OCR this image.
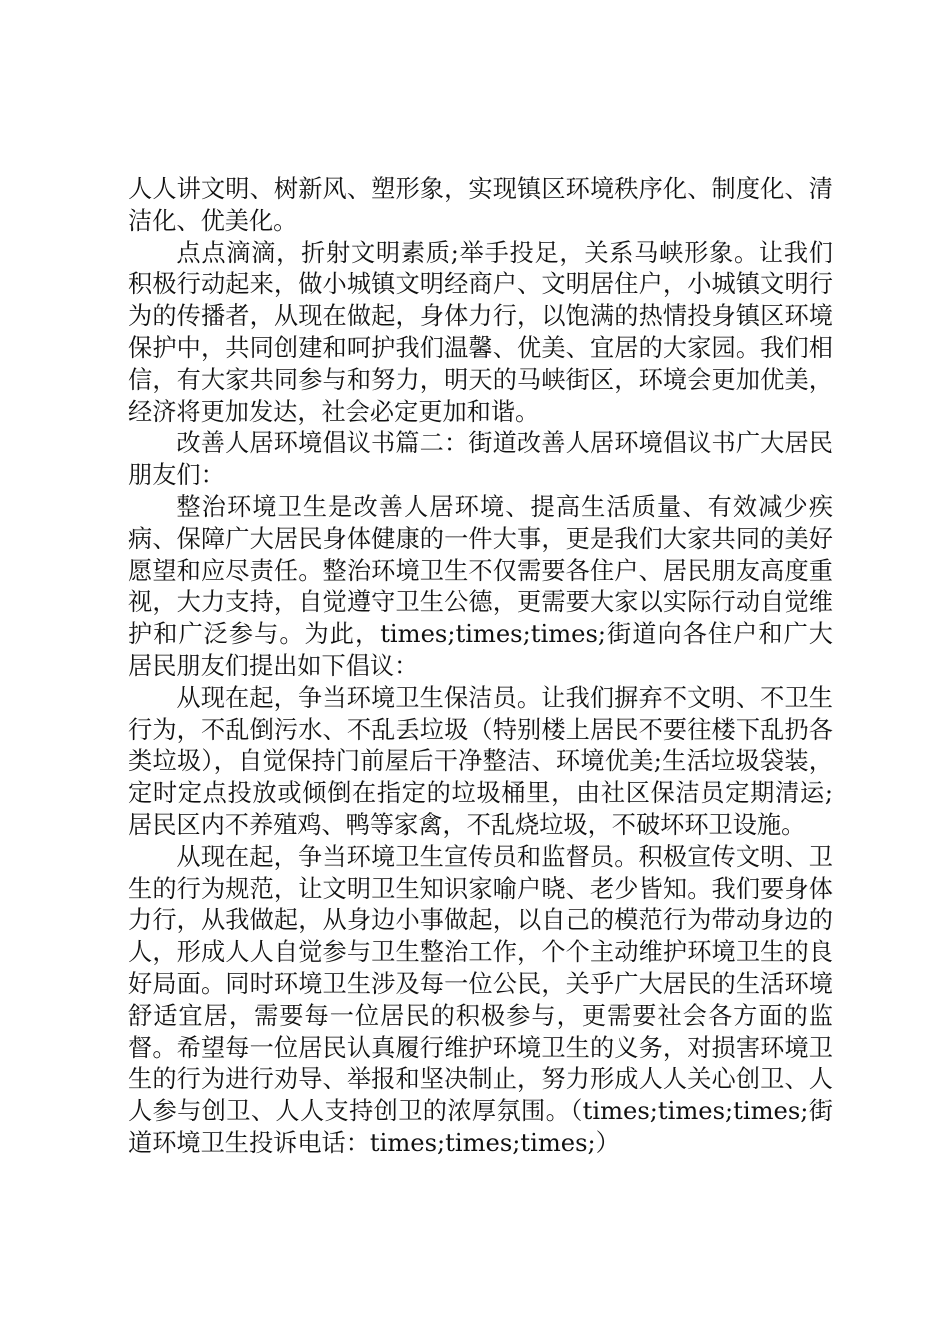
人人讲文明、树新风、塑形象，实现镇区环境秩序化、制度化、清洁化、优美化。

点点滴滴，折射文明素质;举手投足，关系马峡形象。让我们积极行动起来，做小城镇文明经商户、文明居住户，小城镇文明行为的传播者，从现在做起，身体力行，以饱满的热情投身镇区环境保护中，共同创建和呵护我们温馨、优美、宜居的大家园。我们相信，有大家共同参与和努力，明天的马峡街区，环境会更加优美，经济将更加发达，社会必定更加和谐。

改善人居环境倡议书篇二：街道改善人居环境倡议书广大居民朋友们：

整治环境卫生是改善人居环境、提高生活质量、有效减少疾病、保障广大居民身体健康的一件大事，更是我们大家共同的美好愿望和应尽责任。整治环境卫生不仅需要各住户、居民朋友高度重视，大力支持，自觉遵守卫生公德，更需要大家以实际行动自觉维护和广泛参与。为此，times;times;times;街道向各住户和广大居民朋友们提出如下倡议：

从现在起，争当环境卫生保洁员。让我们摒弃不文明、不卫生行为，不乱倒污水、不乱丢垃圾（特别楼上居民不要往楼下乱扔各类垃圾），自觉保持门前屋后干净整洁、环境优美;生活垃圾袋装，定时定点投放或倾倒在指定的垃圾桶里，由社区保洁员定期清运;居民区内不养殖鸡、鸭等家禽，不乱烧垃圾，不破坏环卫设施。

从现在起，争当环境卫生宣传员和监督员。积极宣传文明、卫生的行为规范，让文明卫生知识家喻户晓、老少皆知。我们要身体力行，从我做起，从身边小事做起，以自己的模范行为带动身边的人，形成人人自觉参与卫生整治工作，个个主动维护环境卫生的良好局面。同时环境卫生涉及每一位公民，关乎广大居民的生活环境舒适宜居，需要每一位居民的积极参与，更需要社会各方面的监督。希望每一位居民认真履行维护环境卫生的义务，对损害环境卫生的行为进行劝导、举报和坚决制止，努力形成人人关心创卫、人人参与创卫、人人支持创卫的浓厚氛围。（times;times;times;街道环境卫生投诉电话：times;times;times;）
